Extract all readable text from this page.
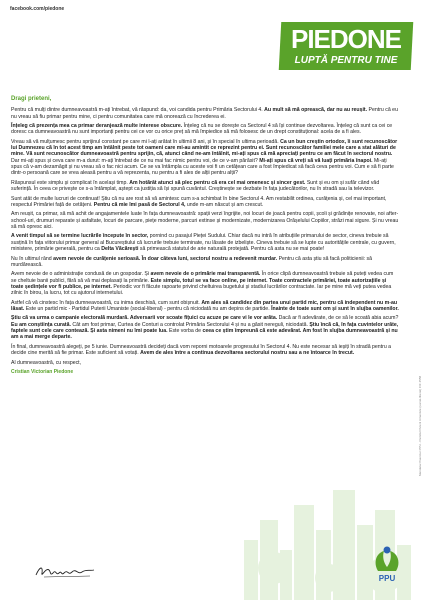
facebook.com/piedone
PIEDONE
LUPTĂ PENTRU TINE

Dragi prieteni,

Pentru că mulți dintre dumneavoastră m-ați întrebat, vă răspund: da, voi candida pentru Primăria Sectorului 4. Au mult să mă oprească, dar nu au reușit. Pentru că eu nu vreau să fiu primar pentru mine, ci pentru comunitatea care mă onorează cu încrederea ei.

Înțeleg că prezența mea ca primar deranjează multe interese obscure. Înțeleg că nu se dorește ca Sectorul 4 să își continue dezvoltarea. Înțeleg că sunt ca cei ce doresc ca dumneavoastră nu sunt importanți pentru cei ce vor cu orice preț să mă împiedice să mă folosesc de un drept constituțional: acela de a fi ales.

Vreau să vă mulțumesc pentru sprijinul constant pe care mi l-ați arătat în ultimii 8 ani, și în special în ultima perioadă. Ca un bun creștin ortodox, îi sunt recunoscător lui Dumnezeu că în tot acest timp am întâlnit peste tot oameni care mi-au amintit ce reprezint pentru ei. Sunt recunoscător familiei mele care a stat alături de mine. Vă sunt recunoscător dumneavoastră pentru sprijin, că, atunci când ne-am întâlnit, mi-ați spus că mă apreciați pentru ce am făcut în sectorul nostru. Dar mi-ați spus și ceva care m-a durut: m-ați întrebat de ce nu mai fac nimic pentru voi, de ce v-am părăsit? Mi-ați spus că vreți să vă luați primăria înapoi. Mi-ați spus că v-am dezamăgit și nu vreau să o fac nici acum. Ce se va întâmpla cu aceste voi fi un cetățean care a fost împiedicat să facă ceva pentru voi. Cum e să fi parte dintr-o persoană care se vrea aleasă pentru a vă reprezenta, nu pentru a fi ales de alții pentru alții?

Răspunsul este simplu și complicat în același timp. Am hotărât atunci să plec pentru că era cel mai omenesc și sincer gest. Sunt și eu om și sufăr când văd suferință. În ceea ce privește ce s-a întâmplat, aștept ca justiția să își spună cuvântul. Creștinește se dezbate în fața judecătorilor, nu în stradă sau la televizor.

Sunt atât de multe lucruri de continuat! Știu că nu are rost să vă amintesc cum s-a schimbat în bine Sectorul 4. Am restabilit ordinea, curățenia și, cel mai important, respectul Primăriei față de cetățeni. Pentru că mie îmi pasă de Sectorul 4, unde m-am născut și am crescut.

Am reușit, ca primar, să mă achit de angajamentele luate în fața dumneavoastră: spații verzi îngrijite, noi locuri de joacă pentru copii, școli și grădinițe renovate, noi after-school-uri, drumuri reparate și asfaltate, locuri de parcare, piețe moderne, parcuri extinse și modernizate, modernizarea Orășelului Copiilor, străzi mai sigure. Și nu vreau să mă opresc aici.

A venit timpul să se termine lucrările începute în sector, pornind cu pasajul Pieței Sudului. Chiar dacă nu intră în atribuțiile primarului de sector, cineva trebuie să susțină în fața viitorului primar general al Bucureștiului că lucrurile trebuie terminate, nu lăsate de izbeliște. Cineva trebuie să se lupte cu autoritățile centrale, cu guvern, ministere, primărie generală, pentru ca Delta Văcărești să primească statutul de arie naturală protejată. Pentru că asta nu se mai poate!

Nu în ultimul rând avem nevoie de curățenie serioasă. În doar câteva luni, sectorul nostru a redevenit murdar. Pentru că asta știu să facă politicienii: să murdărească.

Avem nevoie de o administrație condusă de un gospodar. Și avem nevoie de o primărie mai transparentă. În orice clipă dumneavoastră trebuie să puteți vedea cum se cheltuie banii publici, fără să vă mai deplasați la primărie. Este simplu, totul se va face online, pe internet. Toate contractele primăriei, toate autorizațiile și toate ședințele vor fi publice, pe internet. Periodic vor fi făcute rapoarte privind cheltuirea bugetului și stadiul lucrărilor contractate. Iar pe mine mă veți putea vedea zilnic în birou, la lucru, tot cu ajutorul internetului.

Astfel că vă cinstesc în fața dumneavoastră, cu inima deschisă, cum sunt obișnuit. Am ales să candidez din partea unui partid mic, pentru că independent nu m-au lăsat. Este un partid mic - Partidul Puterii Umaniste (social-liberal) - pentru că niciodată nu am depins de partide. Înainte de toate sunt om și sunt în slujba oamenilor.

Știu că va urma o campanie electorală murdară. Adversarii vor scoate fițuici cu acuze pe care vi le vor arăta. Dacă ar fi adevărate, de ce să le scoată abia acum? Eu am conștiința curată. Căt am fost primar, Curtea de Conturi a controlat Primăria Sectorului 4 și nu a găsit nereguli, niciodată. Știu încă că, în fața cuvintelor urâte, faptele sunt cele care contează. Și asta nimeni nu îmi poate lua. Este vorba de ceea ce știm împreună că este adevărat. Am fost în slujba dumneavoastră și nu am a mai merge departe.

În final, dumneavoastră alegeți, pe 5 iunie. Dumneavoastră decideți dacă vom reporni motoarele progresului în Sectorul 4. Nu este necesar să ieșiți în stradă pentru a decide cine merită să fie primar. Este suficient să votați. Avem de ales între a continua dezvoltarea sectorului nostru sau a ne întoarce în trecut.

Al dumneavoastră, cu respect,

Cristian Victorian Piedone

Mandatar financiar PPU - Partidul Puterii Umaniste (social-liberal) CIF 4558
PPU
